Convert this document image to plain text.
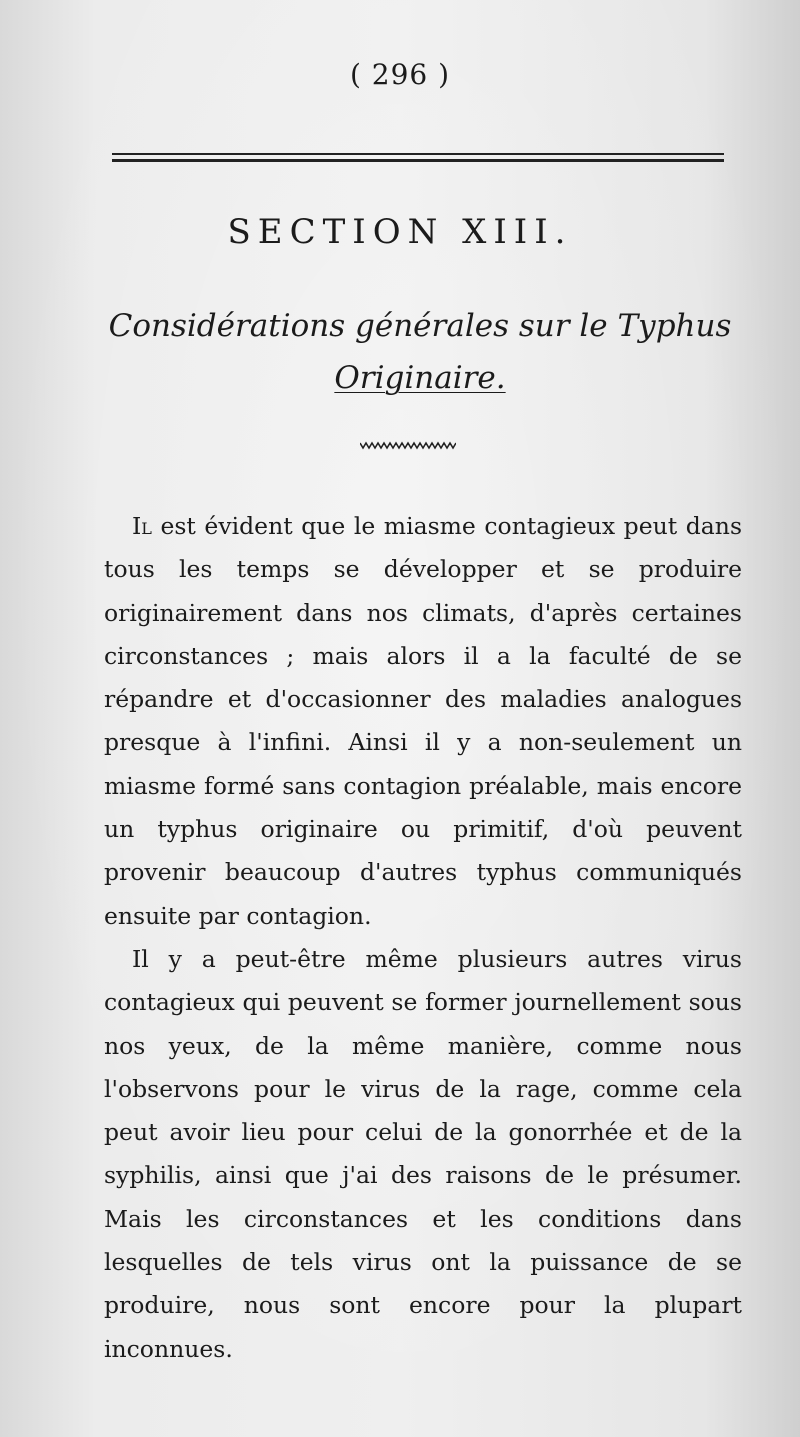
( 296 )
SECTION XIII.
Considérations générales sur le Typhus
Originaire.

Il est évident que le miasme contagieux peut dans tous les temps se développer et se produire originairement dans nos climats, d'après certaines circonstances ; mais alors il a la faculté de se répandre et d'occasionner des maladies analogues presque à l'infini. Ainsi il y a non-seulement un miasme formé sans contagion préalable, mais encore un typhus originaire ou primitif, d'où peuvent provenir beaucoup d'autres typhus communiqués ensuite par contagion.

Il y a peut-être même plusieurs autres virus contagieux qui peuvent se former journellement sous nos yeux, de la même manière, comme nous l'observons pour le virus de la rage, comme cela peut avoir lieu pour celui de la gonorrhée et de la syphilis, ainsi que j'ai des raisons de le présumer. Mais les circonstances et les conditions dans lesquelles de tels virus ont la puissance de se produire, nous sont encore pour la plupart inconnues.
